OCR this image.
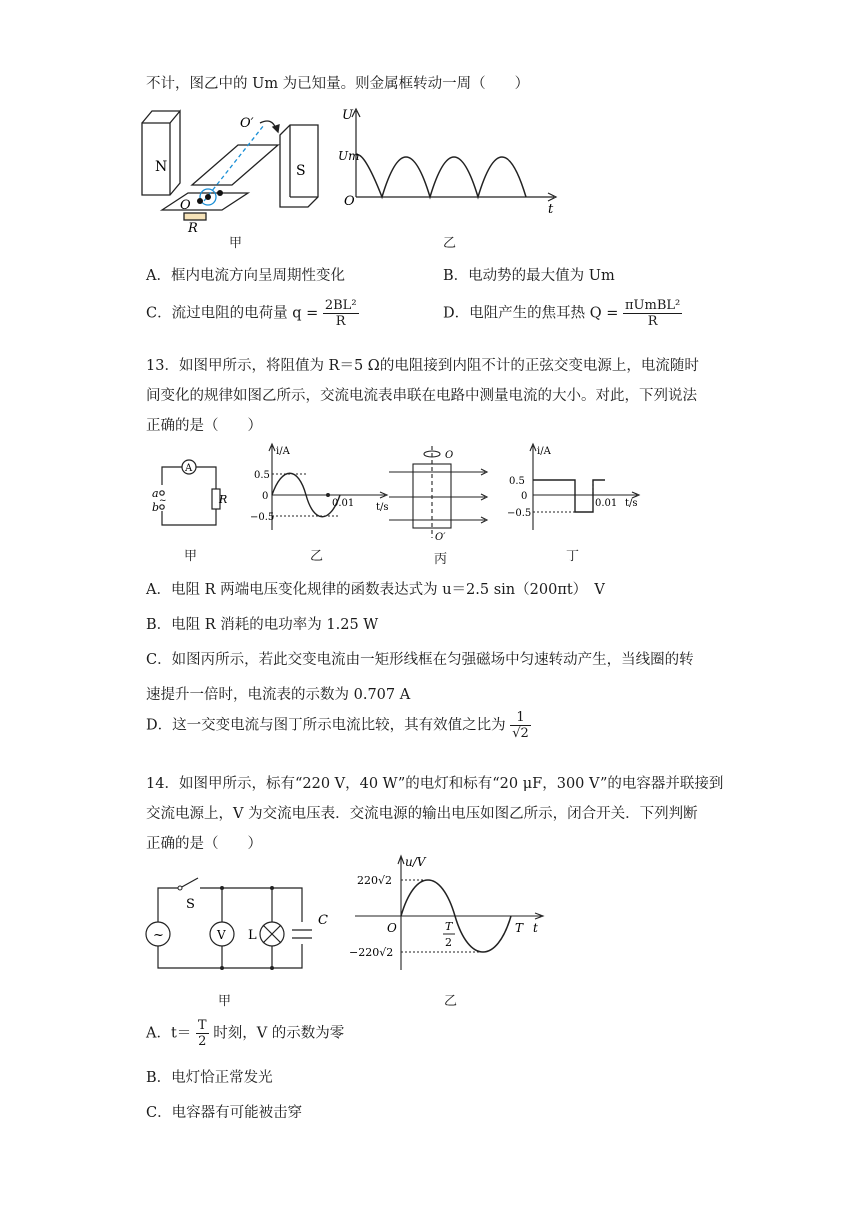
不计，图乙中的 Um 为已知量。则金属框转动一周（　　）
N	S
O
O′
R
甲
U
Um
O
t
乙
A．框内电流方向呈周期性变化	B．电动势的最大值为 Um
C．流过电阻的电荷量 $q = \frac{\text{2BL²}}{R}$	D．电阻产生的焦耳热 $Q = \frac{\text{πUmBL²}}{R}$
13．如图甲所示，将阻值为 R＝5 Ω的电阻接到内阻不计的正弦交变电源上，电流随时
间变化的规律如图乙所示，交流电流表串联在电路中测量电流的大小。对此，下列说法
正确的是（　　）
A
a
~
b
R
甲
i/A
0.5
0
−0.5
0.01 t/s
乙
O
O′
丙
i/A
0.5
0
−0.5
0.01 t/s
丁
A．电阻 R 两端电压变化规律的函数表达式为 u＝2.5 sin（200πt）　V
B．电阻 R 消耗的电功率为 1.25 W
C．如图丙所示，若此交变电流由一矩形线框在匀强磁场中匀速转动产生，当线圈的转
速提升一倍时，电流表的示数为 0.707 A
D．这一交变电流与图丁所示电流比较，其有效值之比为 $\frac{1}{√2}$
14．如图甲所示，标有“220 V，40 W”的电灯和标有“20 μF，300 V”的电容器并联接到
交流电源上，V 为交流电压表．交流电源的输出电压如图乙所示，闭合开关．下列判断
正确的是（　　）
~
S
V L
C
甲
u/V
220√2
−220√2
O	T
2
T t
乙
A．$t= \frac{T}{2}$ 时刻，V 的示数为零
B．电灯恰正常发光
C．电容器有可能被击穿
